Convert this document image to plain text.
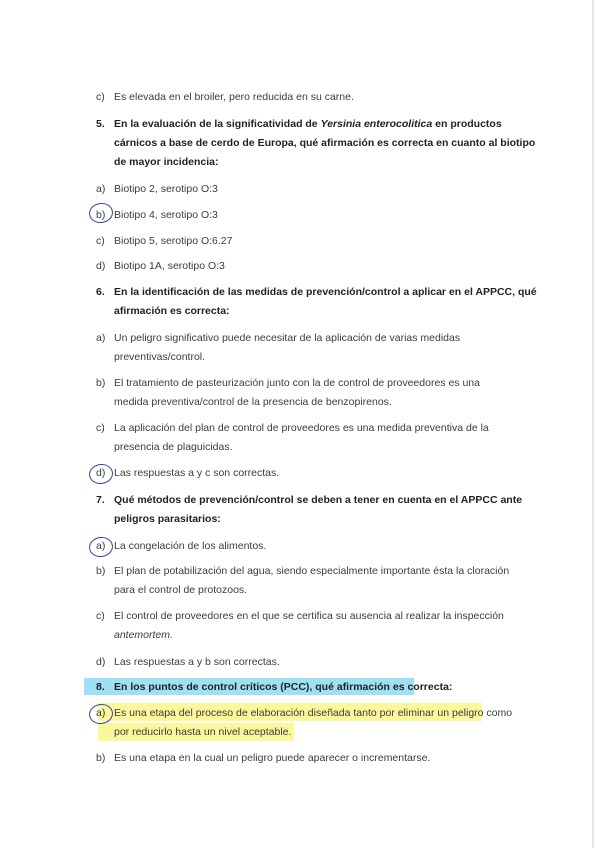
c) Es elevada en el broiler, pero reducida en su carne.
5. En la evaluación de la significatividad de Yersinia enterocolitica en productos
cárnicos a base de cerdo de Europa, qué afirmación es correcta en cuanto al biotipo
de mayor incidencia:
a) Biotipo 2, serotipo O:3
b) Biotipo 4, serotipo O:3
c) Biotipo 5, serotipo O:6.27
d) Biotipo 1A, serotipo O:3
6. En la identificación de las medidas de prevención/control a aplicar en el APPCC, qué
afirmación es correcta:
a) Un peligro significativo puede necesitar de la aplicación de varias medidas
preventivas/control.
b) El tratamiento de pasteurización junto con la de control de proveedores es una
medida preventiva/control de la presencia de benzopirenos.
c) La aplicación del plan de control de proveedores es una medida preventiva de la
presencia de plaguicidas.
d) Las respuestas a y c son correctas.
7. Qué métodos de prevención/control se deben a tener en cuenta en el APPCC ante
peligros parasitarios:
a) La congelación de los alimentos.
b) El plan de potabilización del agua, siendo especialmente importante ésta la cloración
para el control de protozoos.
c) El control de proveedores en el que se certifica su ausencia al realizar la inspección
antemortem.
d) Las respuestas a y b son correctas.
8. En los puntos de control críticos (PCC), qué afirmación es correcta:
a) Es una etapa del proceso de elaboración diseñada tanto por eliminar un peligro como
por reducirlo hasta un nivel aceptable.
b) Es una etapa en la cual un peligro puede aparecer o incrementarse.
